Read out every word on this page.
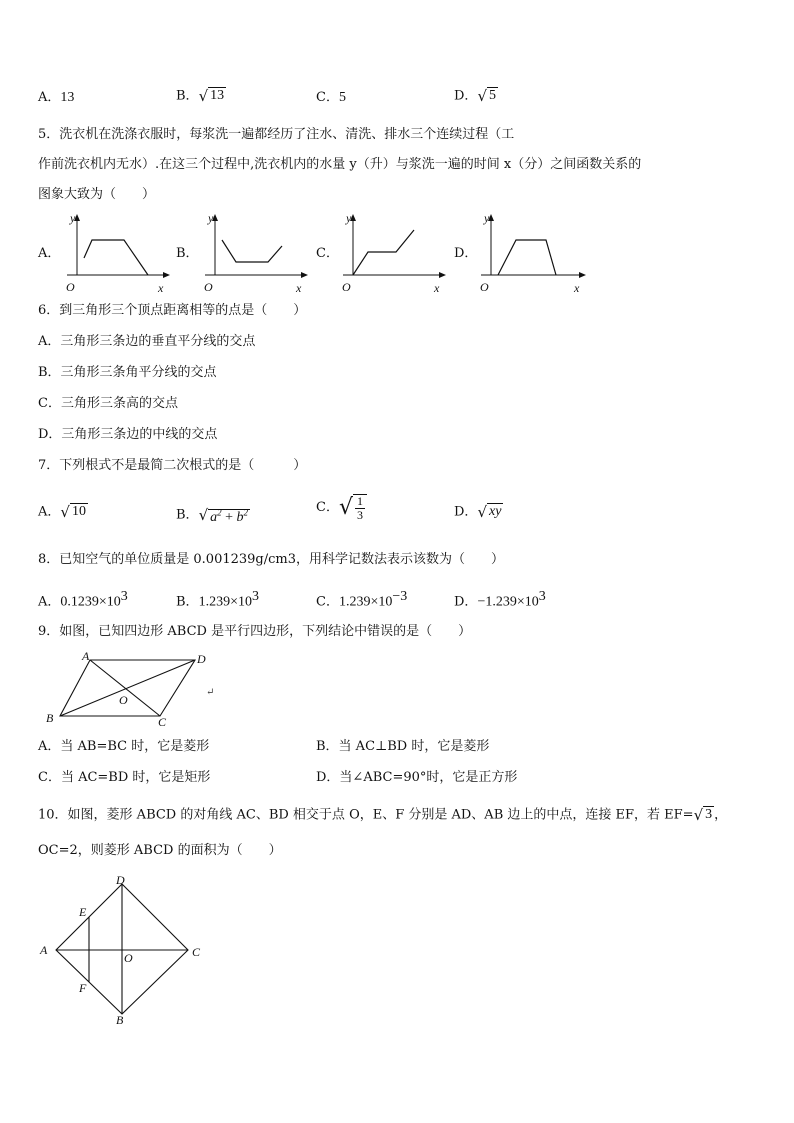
A．13	B．√ 13	C．5	D．√ 5
5．洗衣机在洗涤衣服时，每浆洗一遍都经历了注水、清洗、排水三个连续过程（工
作前洗衣机内无水）.在这三个过程中,洗衣机内的水量 y（升）与浆洗一遍的时间 x（分）之间函数关系的
图象大致为（　　）
A．
y
x
O
B．
y
x
O
C．
y
x
O
D．
y
x
O
6．到三角形三个顶点距离相等的点是（　　）
A．三角形三条边的垂直平分线的交点
B．三角形三条角平分线的交点
C．三角形三条高的交点
D．三角形三条边的中线的交点
7．下列根式不是最简二次根式的是（　　　）
A．√ 10	B．√ $a^2 + b^2$	C．√ $\frac{1}{3}$	D．√ xy
8．已知空气的单位质量是 0.001239g/cm3，用科学记数法表示该数为（　　）
A．$0.1239\times 10^3$	B．$1.239\times 10^3$	C．$1.239\times 10^{-3}$	D．$-1.239\times 10^3$
9．如图，已知四边形 ABCD 是平行四边形，下列结论中错误的是（　　）
A	D
B	C
O
↵
A．当 AB=BC 时，它是菱形	B．当 AC⊥BD 时，它是菱形
C．当 AC=BD 时，它是矩形	D．当∠ABC=90°时，它是正方形
10．如图，菱形 ABCD 的对角线 AC、BD 相交于点 O，E、F 分别是 AD、AB 边上的中点，连接 EF，若 EF=√ 3 ，
OC=2，则菱形 ABCD 的面积为（　　）
D
A	C
B
O
E
F
